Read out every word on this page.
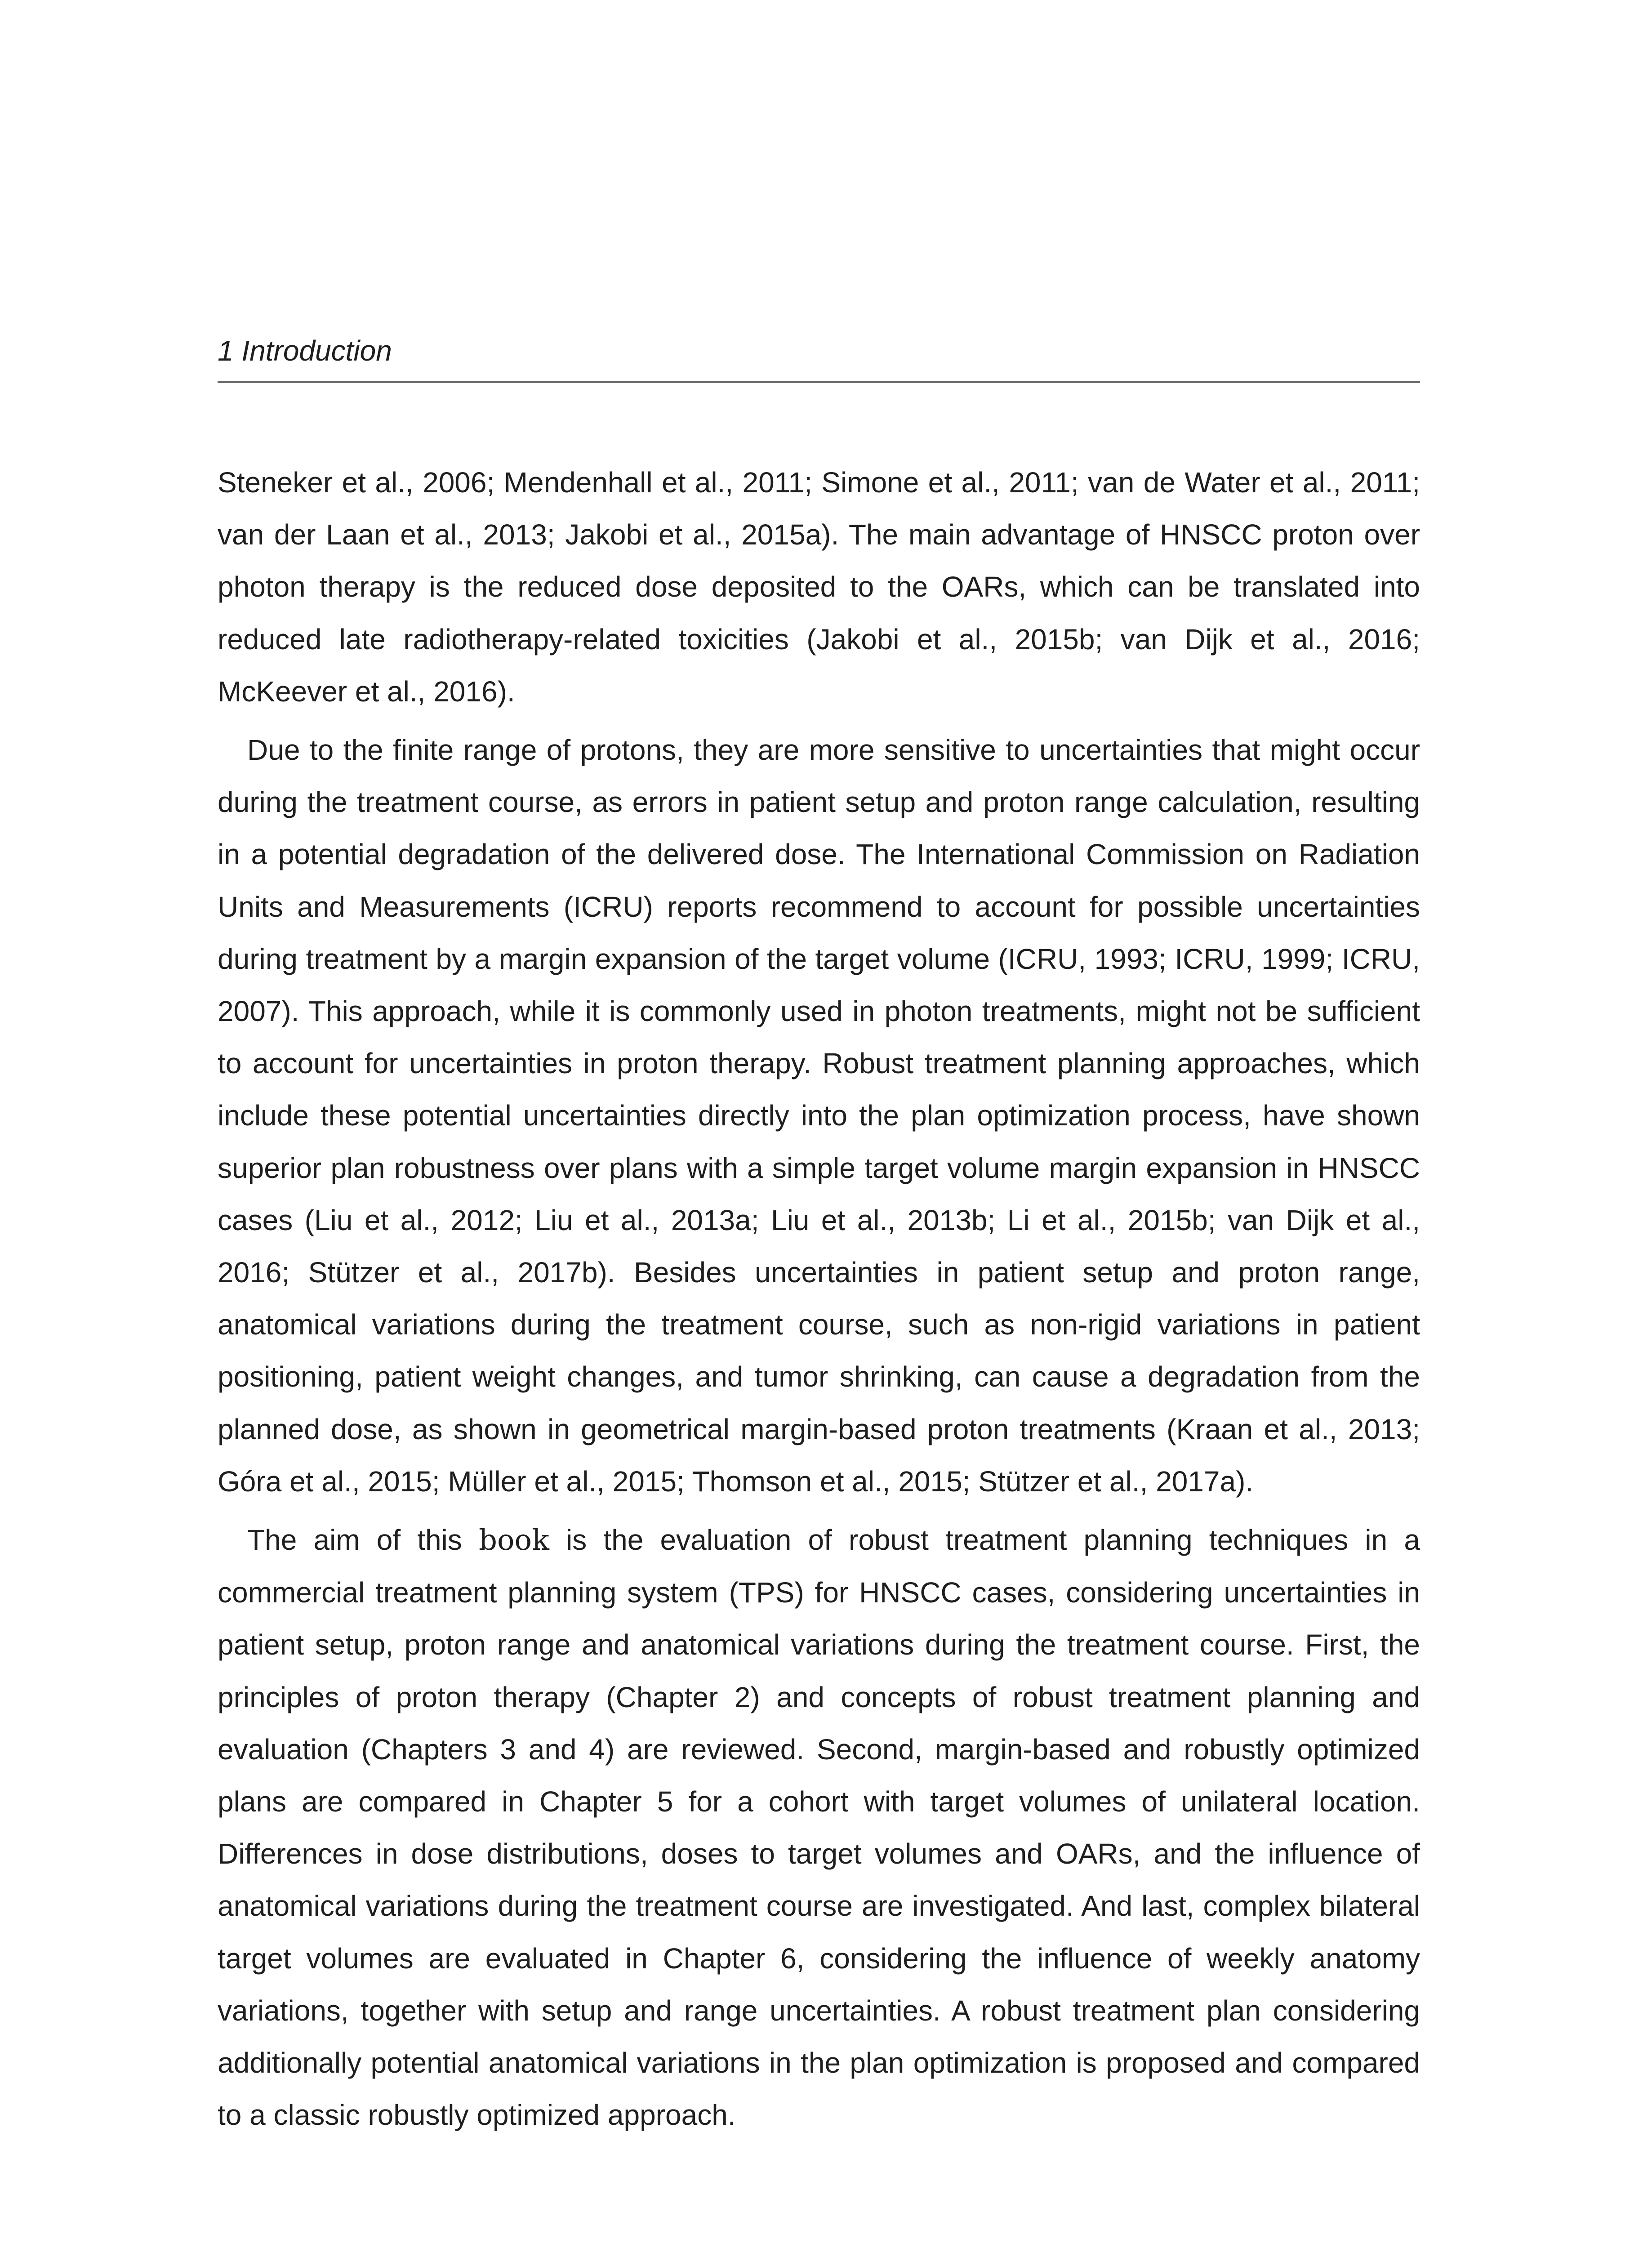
1 Introduction

Steneker et al., 2006; Mendenhall et al., 2011; Simone et al., 2011; van de Water et al., 2011; van der Laan et al., 2013; Jakobi et al., 2015a). The main advantage of HNSCC proton over photon therapy is the reduced dose deposited to the OARs, which can be translated into reduced late radiotherapy-related toxicities (Jakobi et al., 2015b; van Dijk et al., 2016; McKeever et al., 2016).

Due to the finite range of protons, they are more sensitive to uncertainties that might occur during the treatment course, as errors in patient setup and proton range calculation, resulting in a potential degradation of the delivered dose. The International Commission on Radiation Units and Measurements (ICRU) reports recommend to account for possible uncertainties during treatment by a margin expansion of the target volume (ICRU, 1993; ICRU, 1999; ICRU, 2007). This approach, while it is commonly used in photon treatments, might not be sufficient to account for uncertainties in proton therapy. Robust treatment planning approaches, which include these potential uncertainties directly into the plan optimization process, have shown superior plan robustness over plans with a simple target volume margin expansion in HNSCC cases (Liu et al., 2012; Liu et al., 2013a; Liu et al., 2013b; Li et al., 2015b; van Dijk et al., 2016; Stützer et al., 2017b). Besides uncertainties in patient setup and proton range, anatomical variations during the treatment course, such as non-rigid variations in patient positioning, patient weight changes, and tumor shrinking, can cause a degradation from the planned dose, as shown in geometrical margin-based proton treatments (Kraan et al., 2013; Góra et al., 2015; Müller et al., 2015; Thomson et al., 2015; Stützer et al., 2017a).

The aim of this book is the evaluation of robust treatment planning techniques in a commercial treatment planning system (TPS) for HNSCC cases, considering uncertainties in patient setup, proton range and anatomical variations during the treatment course. First, the principles of proton therapy (Chapter 2) and concepts of robust treatment planning and evaluation (Chapters 3 and 4) are reviewed. Second, margin-based and robustly optimized plans are compared in Chapter 5 for a cohort with target volumes of unilateral location. Differences in dose distributions, doses to target volumes and OARs, and the influence of anatomical variations during the treatment course are investigated. And last, complex bilateral target volumes are evaluated in Chapter 6, considering the influence of weekly anatomy variations, together with setup and range uncertainties. A robust treatment plan considering additionally potential anatomical variations in the plan optimization is proposed and compared to a classic robustly optimized approach.
